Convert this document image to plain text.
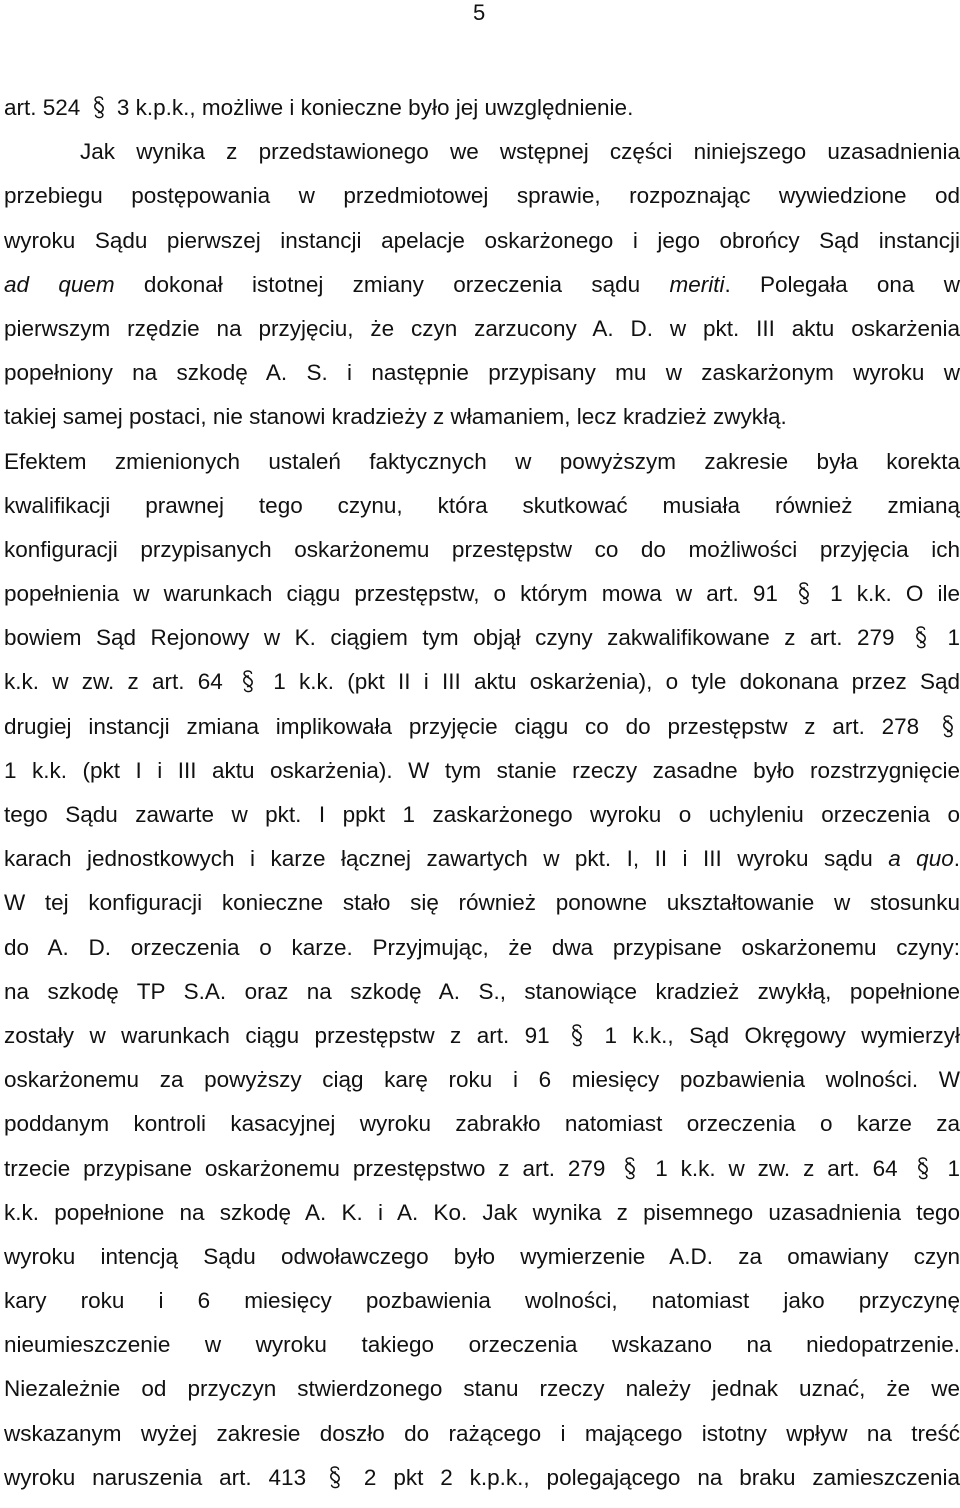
5
art. 524
3 k.p.k., możliwe i konieczne było jej uwzględnienie.
Jak wynika z przedstawionego we wstępnej części niniejszego uzasadnienia
przebiegu postępowania w przedmiotowej sprawie, rozpoznając wywiedzione od
wyroku Sądu pierwszej instancji apelacje oskarżonego i jego obrońcy Sąd instancji
ad quem dokonał istotnej zmiany orzeczenia sądu meriti. Polegała ona w
pierwszym rzędzie na przyjęciu, że czyn zarzucony A. D. w pkt. III aktu oskarżenia
popełniony na szkodę A. S. i następnie przypisany mu w zaskarżonym wyroku w
takiej samej postaci, nie stanowi kradzieży z włamaniem, lecz kradzież zwykłą.
Efektem zmienionych ustaleń faktycznych w powyższym zakresie była korekta
kwalifikacji prawnej tego czynu, która skutkować musiała również zmianą
konfiguracji przypisanych oskarżonemu przestępstw co do możliwości przyjęcia ich
popełnienia w warunkach ciągu przestępstw, o którym mowa w art. 91
1 k.k. O ile
bowiem Sąd Rejonowy w K. ciągiem tym objął czyny zakwalifikowane z art. 279
1
k.k. w zw. z art. 64
1 k.k. (pkt II i III aktu oskarżenia), o tyle dokonana przez Sąd
drugiej instancji zmiana implikowała przyjęcie ciągu co do przestępstw z art. 278
1 k.k. (pkt I i III aktu oskarżenia). W tym stanie rzeczy zasadne było rozstrzygnięcie
tego Sądu zawarte w pkt. I ppkt 1 zaskarżonego wyroku o uchyleniu orzeczenia o
karach jednostkowych i karze łącznej zawartych w pkt. I, II i III wyroku sądu a quo.
W tej konfiguracji konieczne stało się również ponowne ukształtowanie w stosunku
do A. D. orzeczenia o karze. Przyjmując, że dwa przypisane oskarżonemu czyny:
na szkodę TP S.A. oraz na szkodę A. S., stanowiące kradzież zwykłą, popełnione
zostały w warunkach ciągu przestępstw z art. 91
1 k.k., Sąd Okręgowy wymierzył
oskarżonemu za powyższy ciąg karę roku i 6 miesięcy pozbawienia wolności. W
poddanym kontroli kasacyjnej wyroku zabrakło natomiast orzeczenia o karze za
trzecie przypisane oskarżonemu przestępstwo z art. 279
1 k.k. w zw. z art. 64
1
k.k. popełnione na szkodę A. K. i A. Ko. Jak wynika z pisemnego uzasadnienia tego
wyroku intencją Sądu odwoławczego było wymierzenie A.D. za omawiany czyn
kary roku i 6 miesięcy pozbawienia wolności, natomiast jako przyczynę
nieumieszczenie w wyroku takiego orzeczenia wskazano na niedopatrzenie.
Niezależnie od przyczyn stwierdzonego stanu rzeczy należy jednak uznać, że we
wskazanym wyżej zakresie doszło do rażącego i mającego istotny wpływ na treść
wyroku naruszenia art. 413
2 pkt 2 k.p.k., polegającego na braku zamieszczenia
